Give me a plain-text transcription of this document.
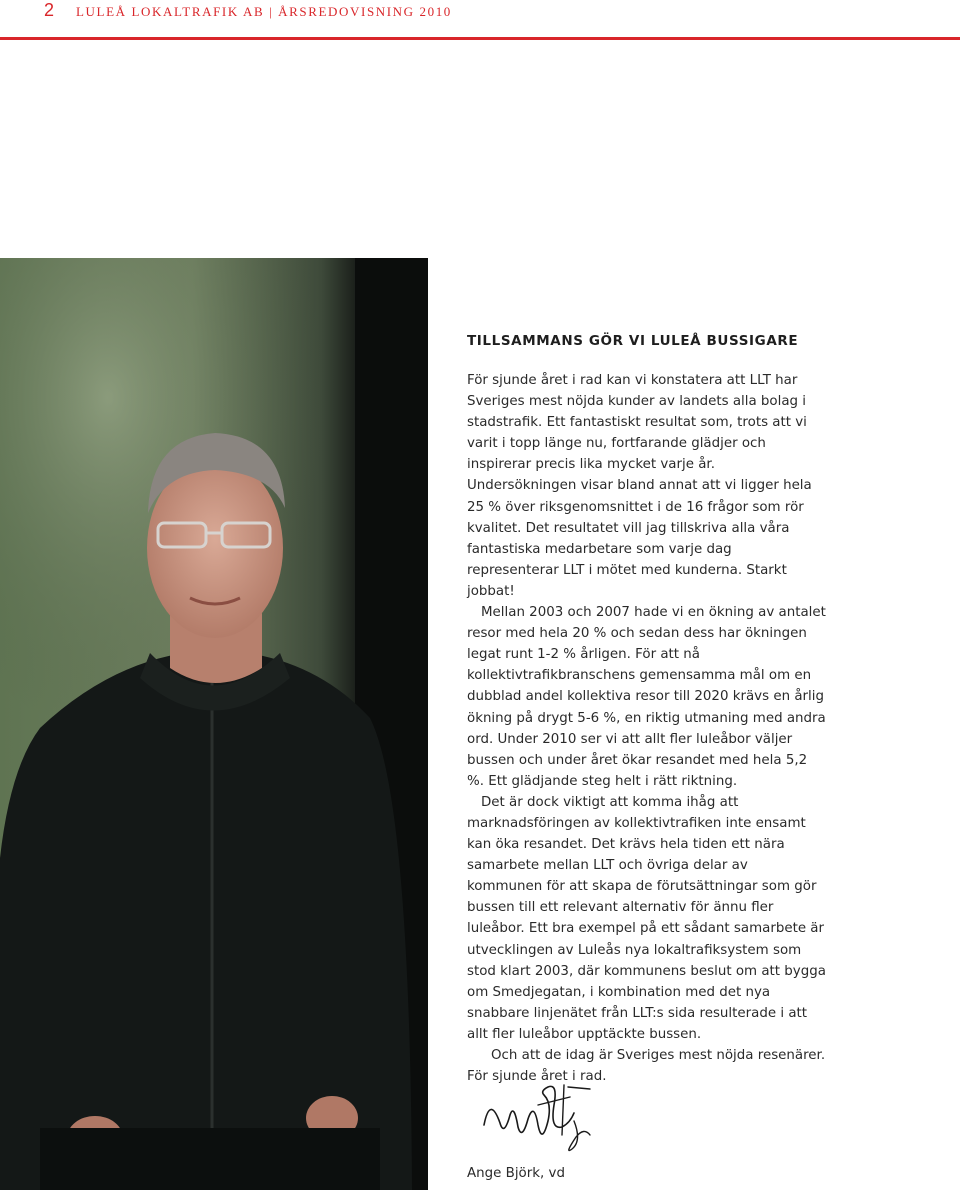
2 LULEÅ LOKALTRAFIK AB | ÅRSREDOVISNING 2010
TILLSAMMANS GÖR VI LULEÅ BUSSIGARE

För sjunde året i rad kan vi konstatera att LLT har Sveriges mest nöjda kunder av landets alla bolag i stadstrafik. Ett fantastiskt resultat som, trots att vi varit i topp länge nu, fortfarande glädjer och inspirerar precis lika mycket varje år. Undersökningen visar bland annat att vi ligger hela 25 % över riksgenomsnittet i de 16 frågor som rör kvalitet. Det resultatet vill jag tillskriva alla våra fantastiska medarbetare som varje dag representerar LLT i mötet med kunderna. Starkt jobbat!

Mellan 2003 och 2007 hade vi en ökning av antalet resor med hela 20 % och sedan dess har ökningen legat runt 1-2 % årligen. För att nå kollektivtrafikbranschens gemensamma mål om en dubblad andel kollektiva resor till 2020 krävs en årlig ökning på drygt 5-6 %, en riktig utmaning med andra ord. Under 2010 ser vi att allt fler luleåbor väljer bussen och under året ökar resandet med hela 5,2 %. Ett glädjande steg helt i rätt riktning.

Det är dock viktigt att komma ihåg att marknadsföringen av kollektivtrafiken inte ensamt kan öka resandet. Det krävs hela tiden ett nära samarbete mellan LLT och övriga delar av kommunen för att skapa de förutsättningar som gör bussen till ett relevant alternativ för ännu fler luleåbor. Ett bra exempel på ett sådant samarbete är utvecklingen av Luleås nya lokaltrafiksystem som stod klart 2003, där kommunens beslut om att bygga om Smedjegatan, i kombination med det nya snabbare linjenätet från LLT:s sida resulterade i att allt fler luleåbor upptäckte bussen.

Och att de idag är Sveriges mest nöjda resenärer. För sjunde året i rad.

Ange Björk, vd
